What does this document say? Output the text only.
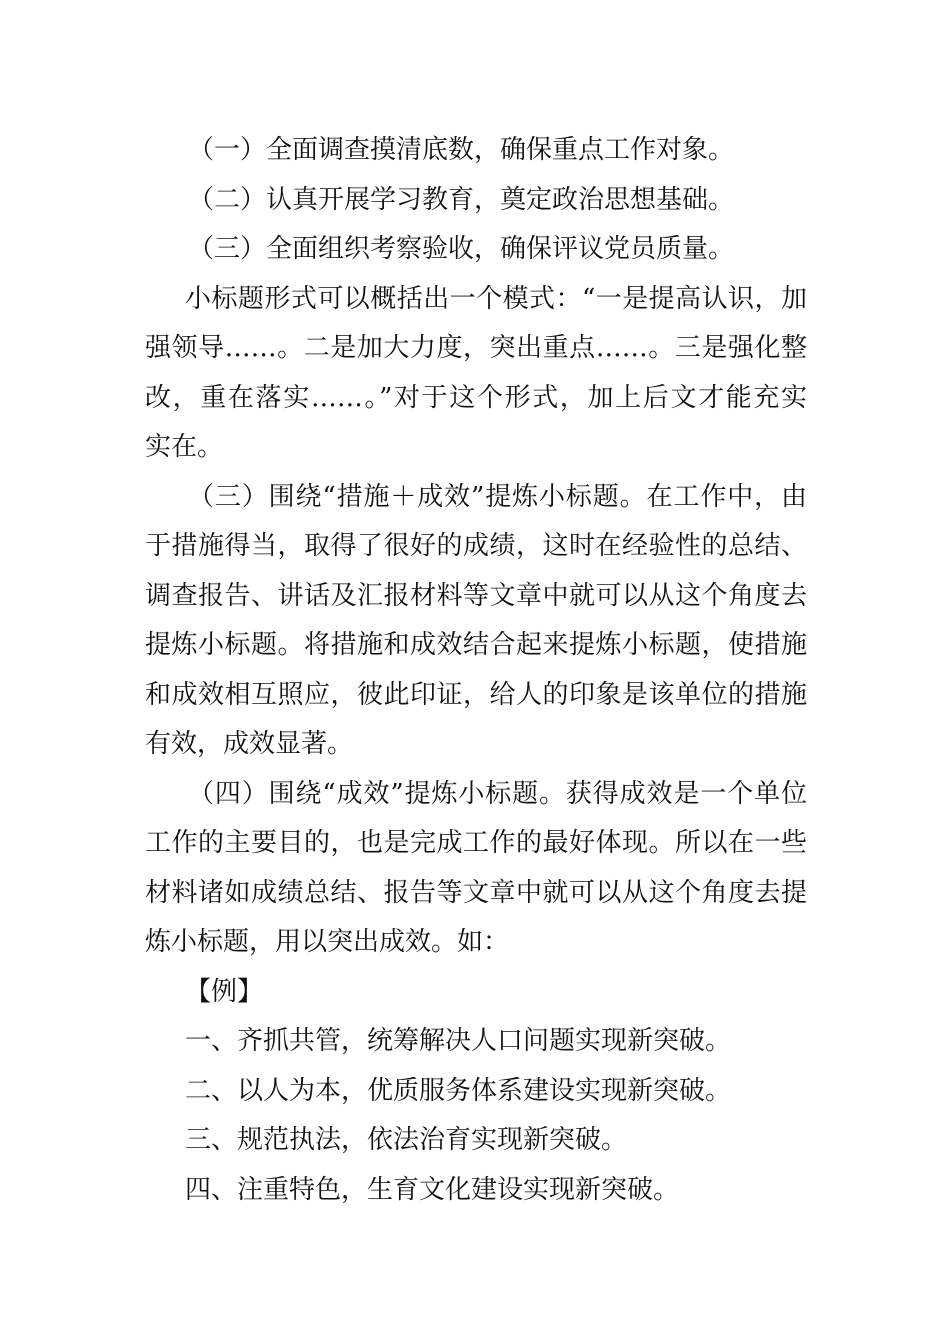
（一）全面调查摸清底数，确保重点工作对象。
（二）认真开展学习教育，奠定政治思想基础。
（三）全面组织考察验收，确保评议党员质量。
小标题形式可以概括出一个模式：“一是提高认识，加
强领导……。二是加大力度，突出重点……。三是强化整
改，重在落实……。”对于这个形式，加上后文才能充实
实在。
（三）围绕“措施＋成效”提炼小标题。在工作中，由
于措施得当，取得了很好的成绩，这时在经验性的总结、
调查报告、讲话及汇报材料等文章中就可以从这个角度去
提炼小标题。将措施和成效结合起来提炼小标题，使措施
和成效相互照应，彼此印证，给人的印象是该单位的措施
有效，成效显著。
（四）围绕“成效”提炼小标题。获得成效是一个单位
工作的主要目的，也是完成工作的最好体现。所以在一些
材料诸如成绩总结、报告等文章中就可以从这个角度去提
炼小标题，用以突出成效。如：
【例】
一、齐抓共管，统筹解决人口问题实现新突破。
二、以人为本，优质服务体系建设实现新突破。
三、规范执法，依法治育实现新突破。
四、注重特色，生育文化建设实现新突破。
